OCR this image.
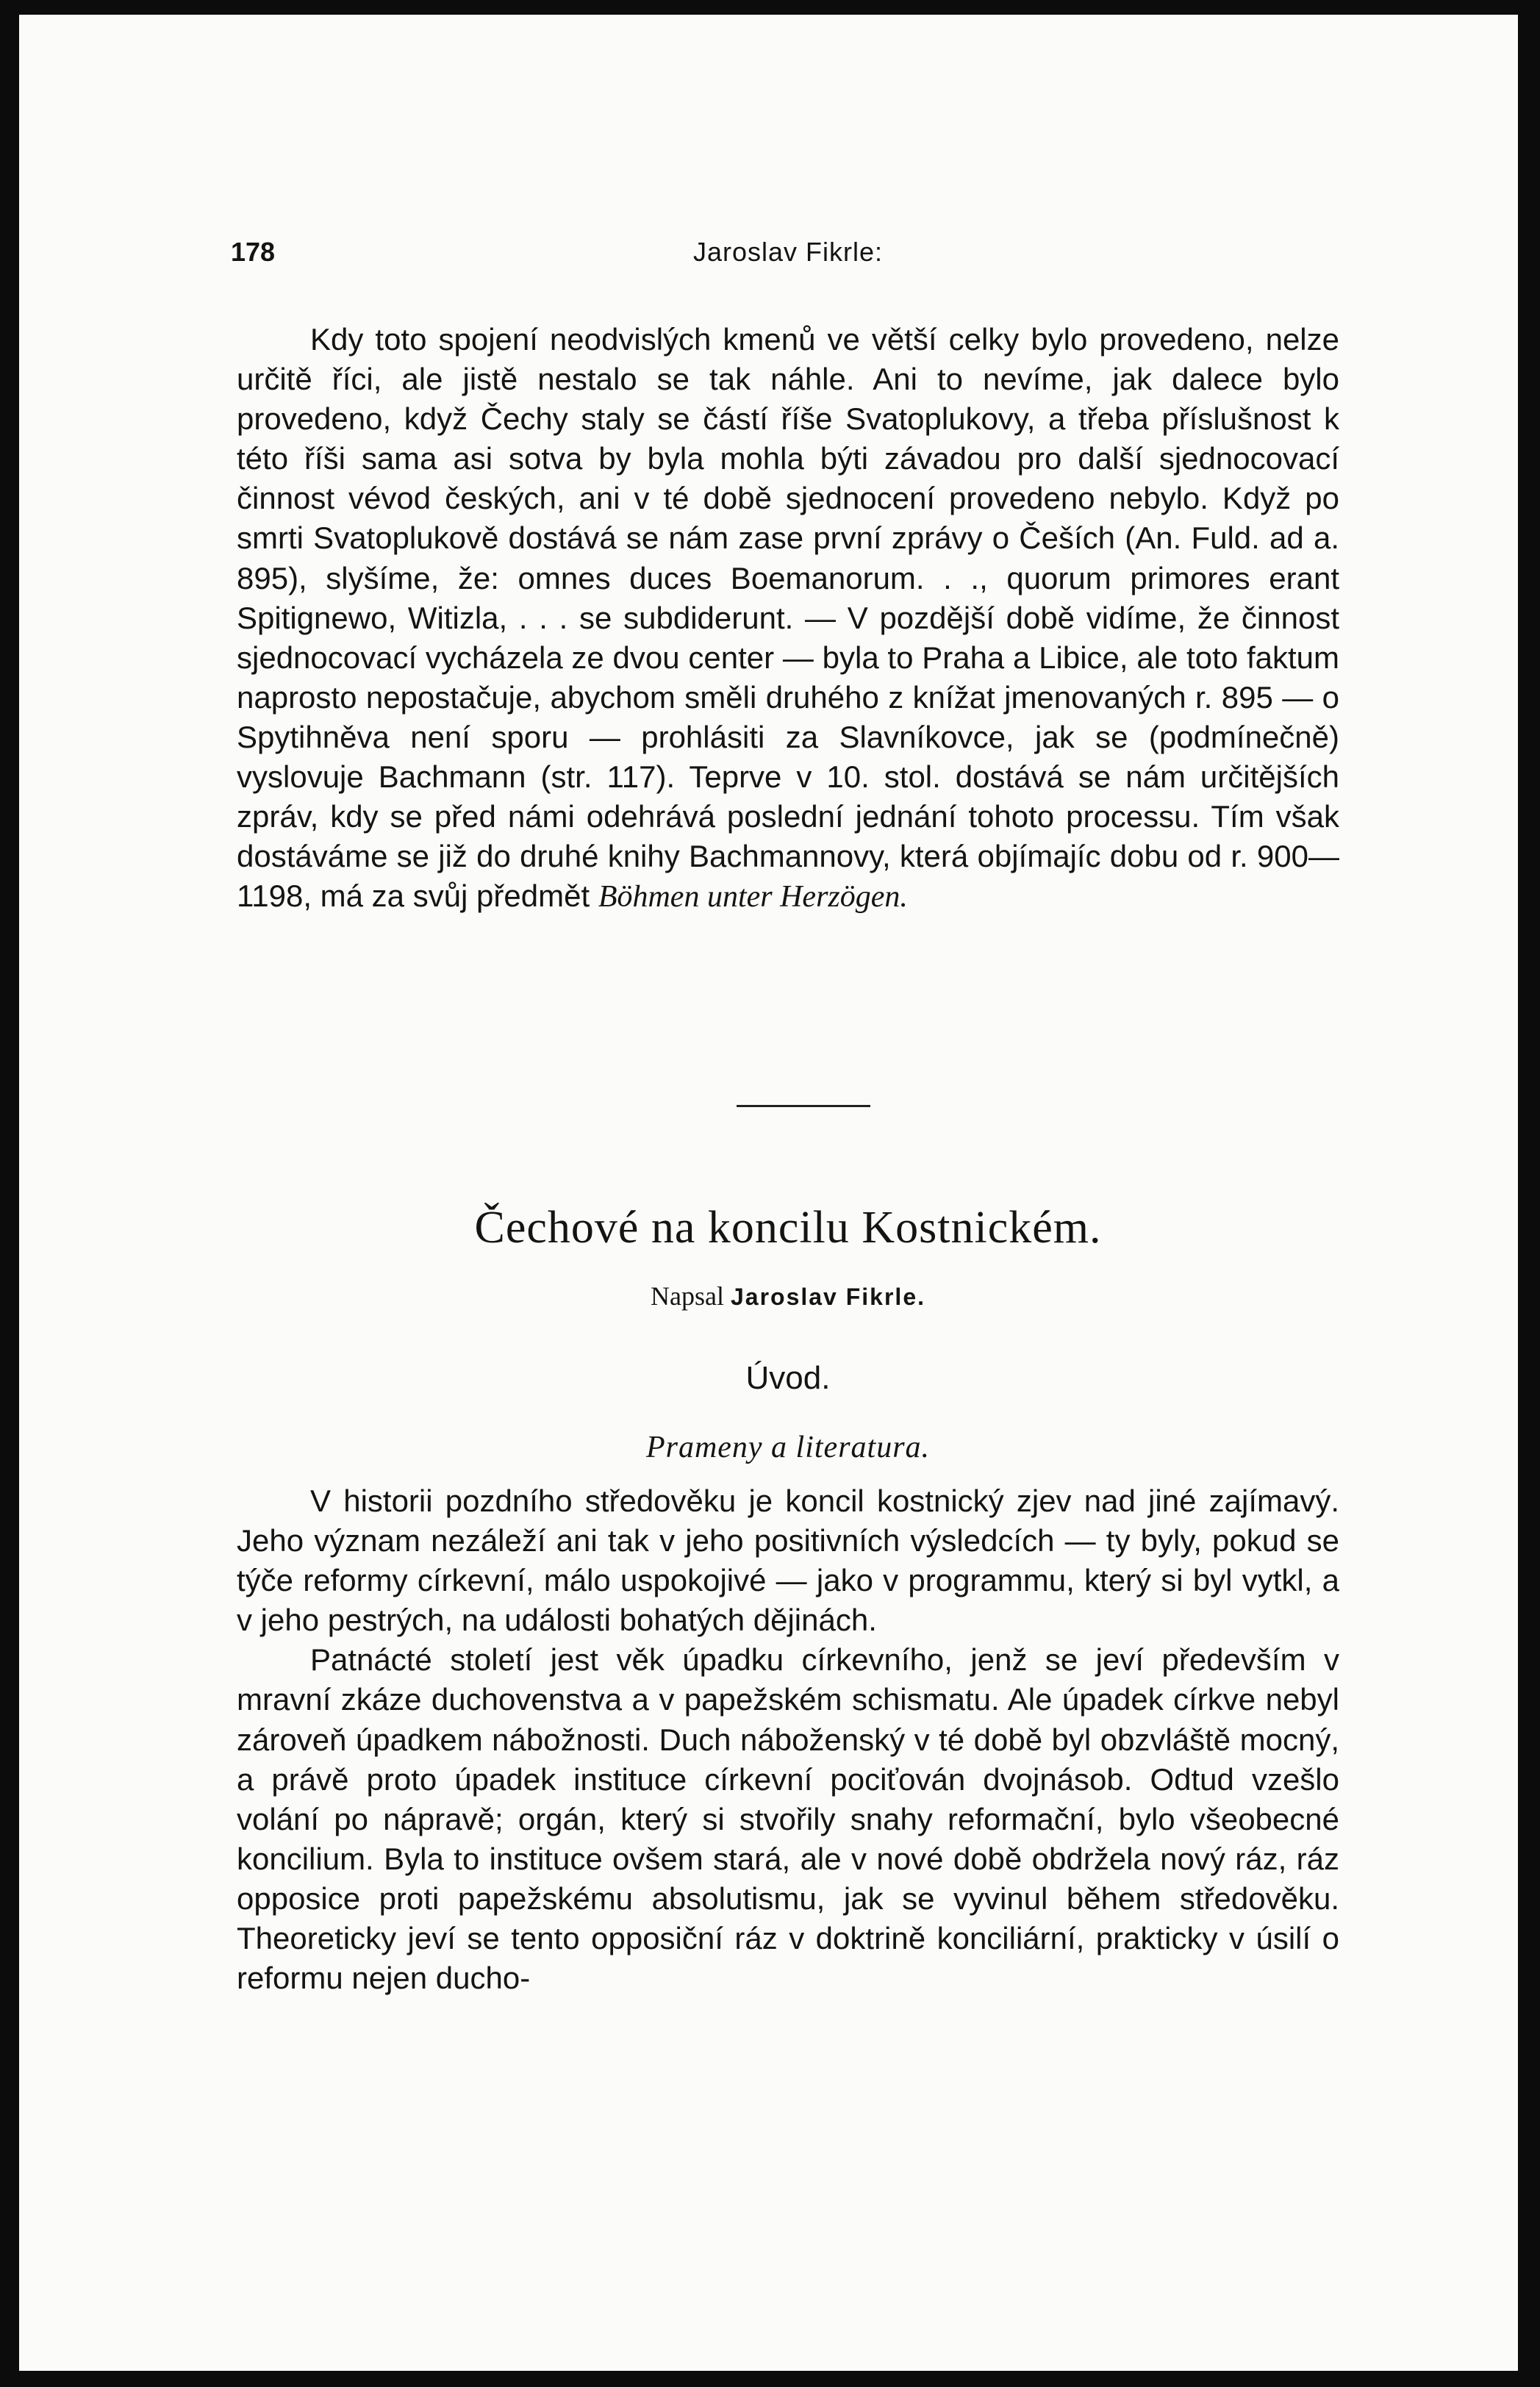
178	Jaroslav Fikrle:

Kdy toto spojení neodvislých kmenů ve větší celky bylo provedeno, nelze určitě říci, ale jistě nestalo se tak náhle. Ani to nevíme, jak dalece bylo provedeno, když Čechy staly se částí říše Svatoplukovy, a třeba příslušnost k této říši sama asi sotva by byla mohla býti závadou pro další sjednocovací činnost vévod českých, ani v té době sjednocení provedeno nebylo. Když po smrti Svatoplukově dostává se nám zase první zprávy o Češích (An. Fuld. ad a. 895), slyšíme, že: omnes duces Boemanorum. . ., quorum primores erant Spitignewo, Witizla, . . . se subdiderunt. — V pozdější době vidíme, že činnost sjednocovací vycházela ze dvou center — byla to Praha a Libice, ale toto faktum naprosto nepostačuje, abychom směli druhého z knížat jmenovaných r. 895 — o Spytihněva není sporu — prohlásiti za Slavníkovce, jak se (podmínečně) vyslovuje Bachmann (str. 117). Teprve v 10. stol. dostává se nám určitějších zpráv, kdy se před námi odehrává poslední jednání tohoto processu. Tím však dostáváme se již do druhé knihy Bachmannovy, která objímajíc dobu od r. 900—1198, má za svůj předmět Böhmen unter Herzögen.

Čechové na koncilu Kostnickém.
Napsal Jaroslav Fikrle.
Úvod.
Prameny a literatura.

V historii pozdního středověku je koncil kostnický zjev nad jiné zajímavý. Jeho význam nezáleží ani tak v jeho positivních výsledcích — ty byly, pokud se týče reformy církevní, málo uspokojivé — jako v programmu, který si byl vytkl, a v jeho pestrých, na události bohatých dějinách.

Patnácté století jest věk úpadku církevního, jenž se jeví především v mravní zkáze duchovenstva a v papežském schismatu. Ale úpadek církve nebyl zároveň úpadkem nábožnosti. Duch náboženský v té době byl obzvláště mocný, a právě proto úpadek instituce církevní pociťován dvojnásob. Odtud vzešlo volání po nápravě; orgán, který si stvořily snahy reformační, bylo všeobecné koncilium. Byla to instituce ovšem stará, ale v nové době obdržela nový ráz, ráz opposice proti papežskému absolutismu, jak se vyvinul během středověku. Theoreticky jeví se tento opposiční ráz v doktrině konciliární, prakticky v úsilí o reformu nejen ducho-
